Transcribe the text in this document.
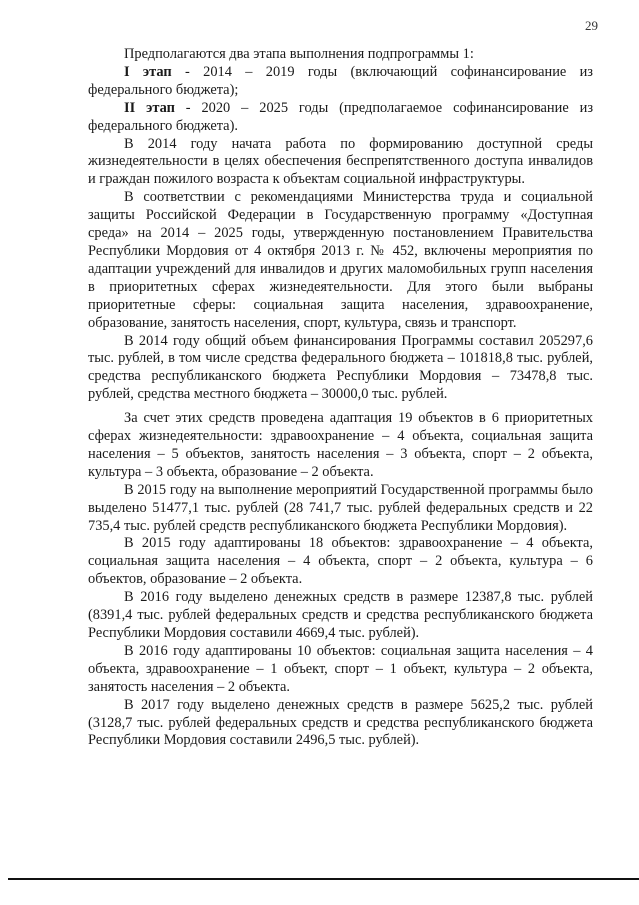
29

Предполагаются два этапа выполнения подпрограммы 1:

I этап - 2014 – 2019 годы (включающий софинансирование из федерального бюджета);

II этап - 2020 – 2025 годы (предполагаемое софинансирование из федерального бюджета).

В 2014 году начата работа по формированию доступной среды жизнедеятельности в целях обеспечения беспрепятственного доступа инвалидов и граждан пожилого возраста к объектам социальной инфраструктуры.

В соответствии с рекомендациями Министерства труда и социальной защиты Российской Федерации в Государственную программу «Доступная среда» на 2014 – 2025 годы, утвержденную постановлением Правительства Республики Мордовия от 4 октября 2013 г. № 452, включены мероприятия по адаптации учреждений для инвалидов и других маломобильных групп населения в приоритетных сферах жизнедеятельности. Для этого были выбраны приоритетные сферы: социальная защита населения, здравоохранение, образование, занятость населения, спорт, культура, связь и транспорт.

В 2014 году общий объем финансирования Программы составил 205297,6 тыс. рублей, в том числе средства федерального бюджета – 101818,8 тыс. рублей, средства республиканского бюджета Республики Мордовия – 73478,8 тыс. рублей, средства местного бюджета – 30000,0 тыс. рублей.

За счет этих средств проведена адаптация 19 объектов в 6 приоритетных сферах жизнедеятельности: здравоохранение – 4 объекта, социальная защита населения – 5 объектов, занятость населения – 3 объекта, спорт – 2 объекта, культура – 3 объекта, образование – 2 объекта.

В 2015 году на выполнение мероприятий Государственной программы было выделено 51477,1 тыс. рублей (28 741,7 тыс. рублей федеральных средств и 22 735,4 тыс. рублей средств республиканского бюджета Республики Мордовия).

В 2015 году адаптированы 18 объектов: здравоохранение – 4 объекта, социальная защита населения – 4 объекта, спорт – 2 объекта, культура – 6 объектов, образование – 2 объекта.

В 2016 году выделено денежных средств в размере 12387,8 тыс. рублей (8391,4 тыс. рублей федеральных средств и средства республиканского бюджета Республики Мордовия составили 4669,4 тыс. рублей).

В 2016 году адаптированы 10 объектов: социальная защита населения – 4 объекта, здравоохранение – 1 объект, спорт – 1 объект, культура – 2 объекта, занятость населения – 2 объекта.

В 2017 году выделено денежных средств в размере 5625,2 тыс. рублей (3128,7 тыс. рублей федеральных средств и средства республиканского бюджета Республики Мордовия составили 2496,5 тыс. рублей).
